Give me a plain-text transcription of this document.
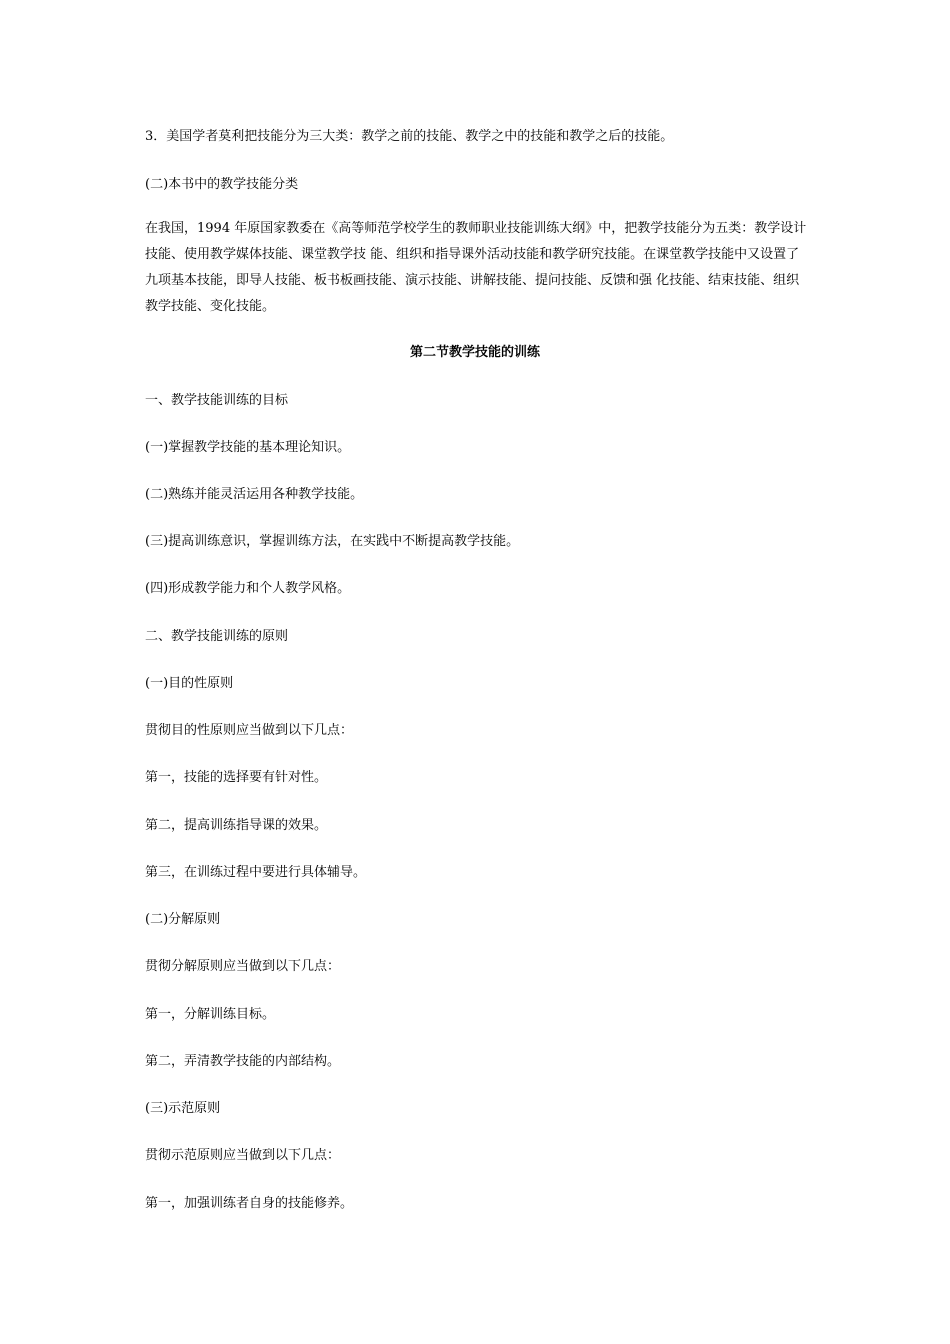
3．美国学者莫利把技能分为三大类：教学之前的技能、教学之中的技能和教学之后的技能。
(二)本书中的教学技能分类
在我国，1994 年原国家教委在《高等师范学校学生的教师职业技能训练大纲》中，把教学技能分为五类：教学设计技能、使用教学媒体技能、课堂教学技 能、组织和指导课外活动技能和教学研究技能。在课堂教学技能中又设置了九项基本技能，即导人技能、板书板画技能、演示技能、讲解技能、提问技能、反馈和强 化技能、结束技能、组织教学技能、变化技能。
第二节教学技能的训练
一、教学技能训练的目标
(一)掌握教学技能的基本理论知识。
(二)熟练并能灵活运用各种教学技能。
(三)提高训练意识，掌握训练方法，在实践中不断提高教学技能。
(四)形成教学能力和个人教学风格。
二、教学技能训练的原则
(一)目的性原则
贯彻目的性原则应当做到以下几点：
第一，技能的选择要有针对性。
第二，提高训练指导课的效果。
第三，在训练过程中要进行具体辅导。
(二)分解原则
贯彻分解原则应当做到以下几点：
第一，分解训练目标。
第二，弄清教学技能的内部结构。
(三)示范原则
贯彻示范原则应当做到以下几点：
第一，加强训练者自身的技能修养。
